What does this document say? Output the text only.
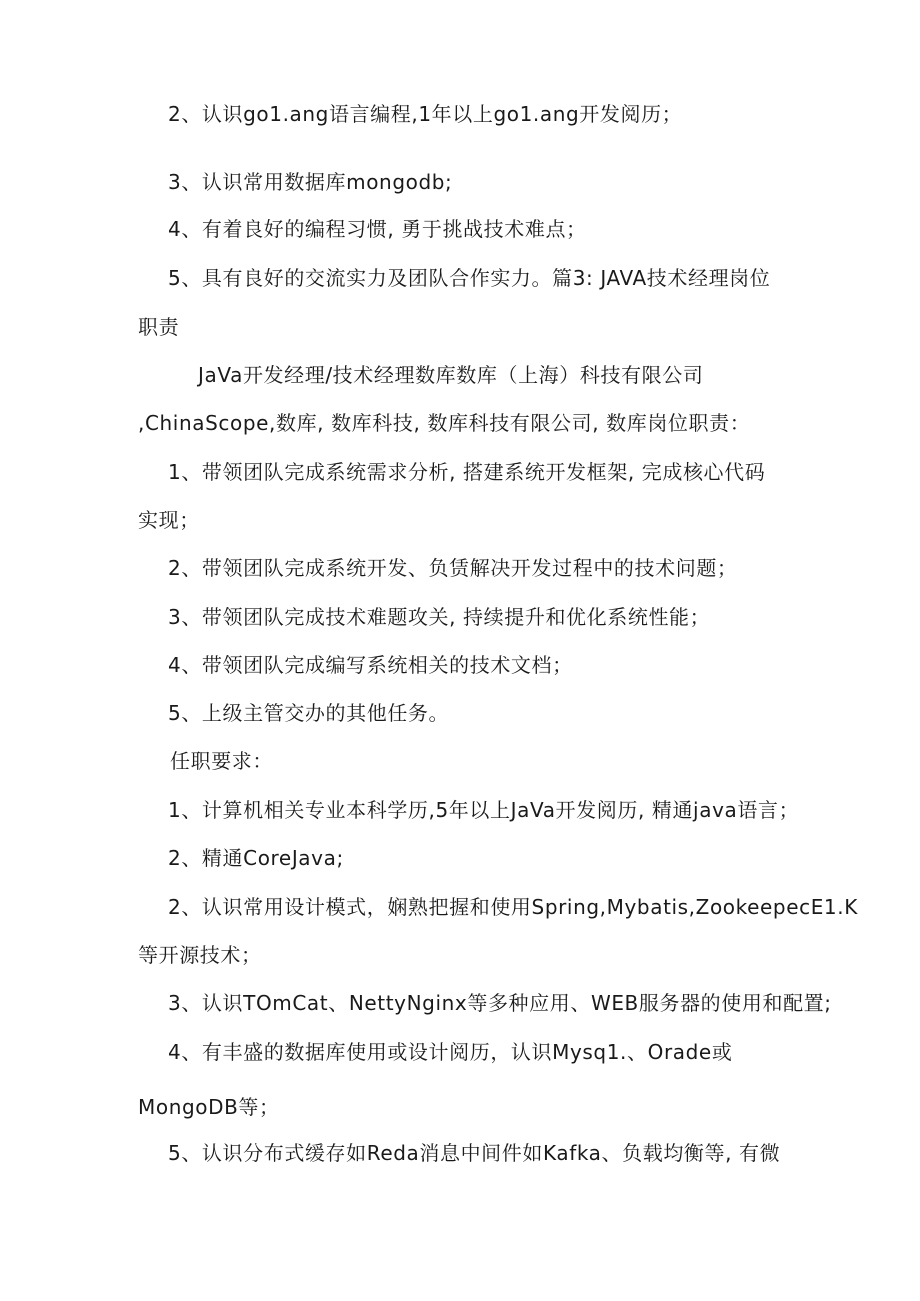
2、认识go1.ang语言编程,1年以上go1.ang开发阅历；

3、认识常用数据库mongodb;

4、有着良好的编程习惯, 勇于挑战技术难点；

5、具有良好的交流实力及团队合作实力。篇3: JAVA技术经理岗位

职责

JaVa开发经理/技术经理数库数库（上海）科技有限公司

,ChinaScope,数库, 数库科技, 数库科技有限公司, 数库岗位职责：

1、带领团队完成系统需求分析, 搭建系统开发框架, 完成核心代码

实现；

2、带领团队完成系统开发、负赁解决开发过程中的技术问题；

3、带领团队完成技术难题攻关, 持续提升和优化系统性能；

4、带领团队完成编写系统相关的技术文档；

5、上级主管交办的其他任务。

任职要求：

1、计算机相关专业本科学历,5年以上JaVa开发阅历, 精通java语言；

2、精通CoreJava;

2、认识常用设计模式，娴熟把握和使用Spring,Mybatis,ZookeepecE1.K

等开源技术；

3、认识TOmCat、NettyNginx等多种应用、WEB服务器的使用和配置;

4、有丰盛的数据库使用或设计阅历，认识Mysq1.、Orade或

MongoDB等；

5、认识分布式缓存如Reda消息中间件如Kafka、负载均衡等, 有微
